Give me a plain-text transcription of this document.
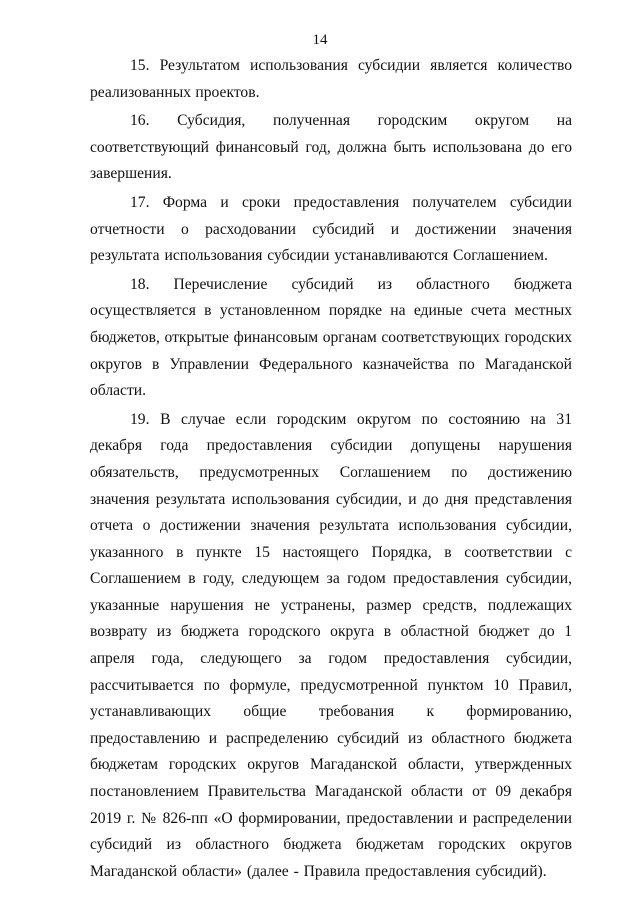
14

15. Результатом использования субсидии является количество реализованных проектов.

16. Субсидия, полученная городским округом на соответствующий финансовый год, должна быть использована до его завершения.

17. Форма и сроки предоставления получателем субсидии отчетности о расходовании субсидий и достижении значения результата использования субсидии устанавливаются Соглашением.

18. Перечисление субсидий из областного бюджета осуществляется в установленном порядке на единые счета местных бюджетов, открытые финансовым органам соответствующих городских округов в Управлении Федерального казначейства по Магаданской области.

19. В случае если городским округом по состоянию на 31 декабря года предоставления субсидии допущены нарушения обязательств, предусмотренных Соглашением по достижению значения результата использования субсидии, и до дня представления отчета о достижении значения результата использования субсидии, указанного в пункте 15 настоящего Порядка, в соответствии с Соглашением в году, следующем за годом предоставления субсидии, указанные нарушения не устранены, размер средств, подлежащих возврату из бюджета городского округа в областной бюджет до 1 апреля года, следующего за годом предоставления субсидии, рассчитывается по формуле, предусмотренной пунктом 10 Правил, устанавливающих общие требования к формированию, предоставлению и распределению субсидий из областного бюджета бюджетам городских округов Магаданской области, утвержденных постановлением Правительства Магаданской области от 09 декабря 2019 г. № 826-пп «О формировании, предоставлении и распределении субсидий из областного бюджета бюджетам городских округов Магаданской области» (далее - Правила предоставления субсидий).
